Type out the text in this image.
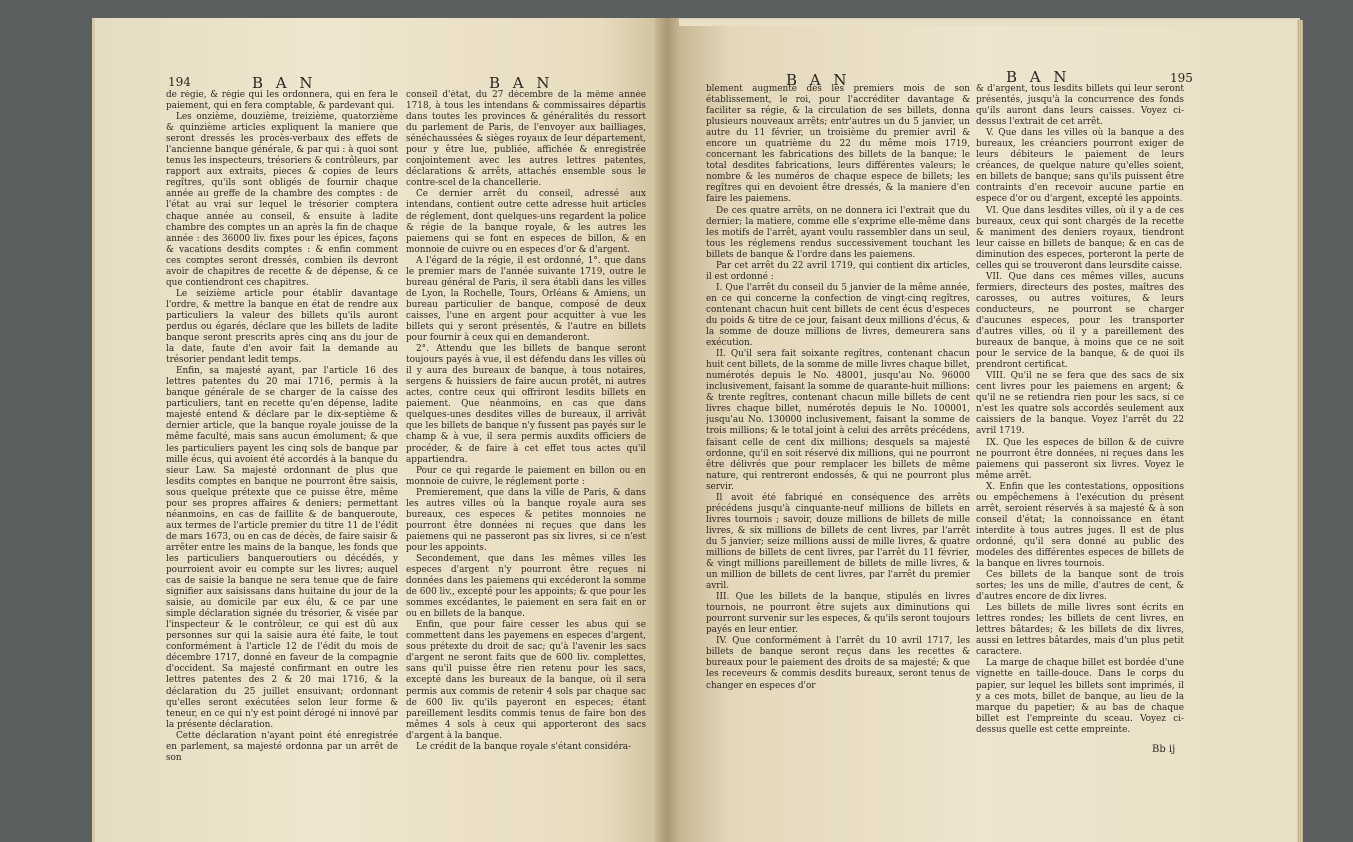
194	B A N	B A N

de régie, & régie qui les ordonnera, qui en fera le paiement, qui en fera comptable, & pardevant qui.

Les onzième, douzième, treizième, quatorzième & quinzième articles expliquent la maniere que seront dressés les procès-verbaux des effets de l'ancienne banque générale, & par qui : à quoi sont tenus les inspecteurs, trésoriers & contrôleurs, par rapport aux extraits, pieces & copies de leurs regîtres, qu'ils sont obligés de fournir chaque année au greffe de la chambre des comptes : de l'état au vrai sur lequel le trésorier comptera chaque année au conseil, & ensuite à ladite chambre des comptes un an après la fin de chaque année : des 36000 liv. fixes pour les épices, façons & vacations desdits comptes : & enfin comment ces comptes seront dressés, combien ils devront avoir de chapitres de recette & de dépense, & ce que contiendront ces chapitres.

Le seizième article pour établir davantage l'ordre, & mettre la banque en état de rendre aux particuliers la valeur des billets qu'ils auront perdus ou égarés, déclare que les billets de ladite banque seront prescrits après cinq ans du jour de la date, faute d'en avoir fait la demande au trésorier pendant ledit temps.

Enfin, sa majesté ayant, par l'article 16 des lettres patentes du 20 mai 1716, permis à la banque générale de se charger de la caisse des particuliers, tant en recette qu'en dépense, ladite majesté entend & déclare par le dix-septième & dernier article, que la banque royale jouisse de la même faculté, mais sans aucun émolument; & que les particuliers payent les cinq sols de banque par mille écus, qui avoient été accordés à la banque du sieur Law. Sa majesté ordonnant de plus que lesdits comptes en banque ne pourront être saisis, sous quelque prétexte que ce puisse être, même pour ses propres affaires & deniers; permettant néanmoins, en cas de faillite & de banqueroute, aux termes de l'article premier du titre 11 de l'édit de mars 1673, ou en cas de décès, de faire saisir & arrêter entre les mains de la banque, les fonds que les particuliers banqueroutiers ou décédés, y pourroient avoir eu compte sur les livres; auquel cas de saisie la banque ne sera tenue que de faire signifier aux saisissans dans huitaine du jour de la saisie, au domicile par eux élu, & ce par une simple déclaration signée du trésorier, & visée par l'inspecteur & le contrôleur, ce qui est dû aux personnes sur qui la saisie aura été faite, le tout conformément à l'article 12 de l'édit du mois de décembre 1717, donné en faveur de la compagnie d'occident. Sa majesté confirmant en outre les lettres patentes des 2 & 20 mai 1716, & la déclaration du 25 juillet ensuivant; ordonnant qu'elles seront exécutées selon leur forme & teneur, en ce qui n'y est point dérogé ni innové par la présente déclaration.

Cette déclaration n'ayant point été enregistrée en parlement, sa majesté ordonna par un arrêt de son

conseil d'état, du 27 décembre de la même année 1718, à tous les intendans & commissaires départis dans toutes les provinces & généralités du ressort du parlement de Paris, de l'envoyer aux bailliages, sénéchaussées & sièges royaux de leur département, pour y être lue, publiée, affichée & enregistrée conjointement avec les autres lettres patentes, déclarations & arrêts, attachés ensemble sous le contre-scel de la chancellerie.

Ce dernier arrêt du conseil, adressé aux intendans, contient outre cette adresse huit articles de réglement, dont quelques-uns regardent la police & régie de la banque royale, & les autres les paiemens qui se font en especes de billon, & en monnoie de cuivre ou en especes d'or & d'argent.

A l'égard de la régie, il est ordonné, 1°. que dans le premier mars de l'année suivante 1719, outre le bureau général de Paris, il sera établi dans les villes de Lyon, la Rochelle, Tours, Orléans & Amiens, un bureau particulier de banque, composé de deux caisses, l'une en argent pour acquitter à vue les billets qui y seront présentés, & l'autre en billets pour fournir à ceux qui en demanderont.

2°. Attendu que les billets de banque seront toujours payés à vue, il est défendu dans les villes où il y aura des bureaux de banque, à tous notaires, sergens & huissiers de faire aucun protêt, ni autres actes, contre ceux qui offriront lesdits billets en paiement. Que néanmoins, en cas que dans quelques-unes desdites villes de bureaux, il arrivât que les billets de banque n'y fussent pas payés sur le champ & à vue, il sera permis auxdits officiers de procéder, & de faire à cet effet tous actes qu'il appartiendra.

Pour ce qui regarde le paiement en billon ou en monnoie de cuivre, le réglement porte :

Premierement, que dans la ville de Paris, & dans les autres villes où la banque royale aura ses bureaux, ces especes & petites monnoies ne pourront être données ni reçues que dans les paiemens qui ne passeront pas six livres, si ce n'est pour les appoints.

Secondement, que dans les mêmes villes les especes d'argent n'y pourront être reçues ni données dans les paiemens qui excéderont la somme de 600 liv., excepté pour les appoints; & que pour les sommes excédantes, le paiement en sera fait en or ou en billets de la banque.

Enfin, que pour faire cesser les abus qui se commettent dans les payemens en especes d'argent, sous prétexte du droit de sac; qu'à l'avenir les sacs d'argent ne seront faits que de 600 liv. complettes, sans qu'il puisse être rien retenu pour les sacs, excepté dans les bureaux de la banque, où il sera permis aux commis de retenir 4 sols par chaque sac de 600 liv. qu'ils payeront en especes; étant pareillement lesdits commis tenus de faire bon des mêmes 4 sols à ceux qui apporteront des sacs d'argent à la banque.

Le crédit de la banque royale s'étant considéra-

B A N	B A N	195

blement augmenté dès les premiers mois de son établissement, le roi, pour l'accréditer davantage & faciliter sa régie, & la circulation de ses billets, donna plusieurs nouveaux arrêts; entr'autres un du 5 janvier, un autre du 11 février, un troisième du premier avril & encore un quatrième du 22 du même mois 1719, concernant les fabrications des billets de la banque; le total desdites fabrications, leurs différentes valeurs; le nombre & les numéros de chaque espece de billets; les regîtres qui en devoient être dressés, & la maniere d'en faire les paiemens.

De ces quatre arrêts, on ne donnera ici l'extrait que du dernier; la matiere, comme elle s'exprime elle-même dans les motifs de l'arrêt, ayant voulu rassembler dans un seul, tous les réglemens rendus successivement touchant les billets de banque & l'ordre dans les paiemens.

Par cet arrêt du 22 avril 1719, qui contient dix articles, il est ordonné :

I. Que l'arrêt du conseil du 5 janvier de la même année, en ce qui concerne la confection de vingt-cinq regîtres, contenant chacun huit cent billets de cent écus d'especes du poids & titre de ce jour, faisant deux millions d'écus, & la somme de douze millions de livres, demeurera sans exécution.

II. Qu'il sera fait soixante regîtres, contenant chacun huit cent billets, de la somme de mille livres chaque billet, numérotés depuis le No. 48001, jusqu'au No. 96000 inclusivement, faisant la somme de quarante-huit millions: & trente regîtres, contenant chacun mille billets de cent livres chaque billet, numérotés depuis le No. 100001, jusqu'au No. 130000 inclusivement, faisant la somme de trois millions; & le total joint à celui des arrêts précédens, faisant celle de cent dix millions; desquels sa majesté ordonne, qu'il en soit réservé dix millions, qui ne pourront être délivrés que pour remplacer les billets de même nature, qui rentreront endossés, & qui ne pourront plus servir.

Il avoit été fabriqué en conséquence des arrêts précédens jusqu'à cinquante-neuf millions de billets en livres tournois ; savoir, douze millions de billets de mille livres, & six millions de billets de cent livres, par l'arrêt du 5 janvier; seize millions aussi de mille livres, & quatre millions de billets de cent livres, par l'arrêt du 11 février, & vingt millions pareillement de billets de mille livres, & un million de billets de cent livres, par l'arrêt du premier avril.

III. Que les billets de la banque, stipulés en livres tournois, ne pourront être sujets aux diminutions qui pourront survenir sur les especes, & qu'ils seront toujours payés en leur entier.

IV. Que conformément à l'arrêt du 10 avril 1717, les billets de banque seront reçus dans les recettes & bureaux pour le paiement des droits de sa majesté; & que les receveurs & commis desdits bureaux, seront tenus de changer en especes d'or

& d'argent, tous lesdits billets qui leur seront présentés, jusqu'à la concurrence des fonds qu'ils auront dans leurs caisses. Voyez ci-dessus l'extrait de cet arrêt.

V. Que dans les villes où la banque a des bureaux, les créanciers pourront exiger de leurs débiteurs le paiement de leurs créances, de quelque nature qu'elles soient, en billets de banque; sans qu'ils puissent être contraints d'en recevoir aucune partie en espece d'or ou d'argent, excepté les appoints.

VI. Que dans lesdites villes, où il y a de ces bureaux, ceux qui sont chargés de la recette & maniment des deniers royaux, tiendront leur caisse en billets de banque; & en cas de diminution des especes, porteront la perte de celles qui se trouveront dans leursdite caisse.

VII. Que dans ces mêmes villes, aucuns fermiers, directeurs des postes, maîtres des carosses, ou autres voitures, & leurs conducteurs, ne pourront se charger d'aucunes especes, pour les transporter d'autres villes, où il y a pareillement des bureaux de banque, à moins que ce ne soit pour le service de la banque, & de quoi ils prendront certificat.

VIII. Qu'il ne se fera que des sacs de six cent livres pour les paiemens en argent; & qu'il ne se retiendra rien pour les sacs, si ce n'est les quatre sols accordés seulement aux caissiers de la banque. Voyez l'arrêt du 22 avril 1719.

IX. Que les especes de billon & de cuivre ne pourront être données, ni reçues dans les paiemens qui passeront six livres. Voyez le même arrêt.

X. Enfin que les contestations, oppositions ou empêchemens à l'exécution du présent arrêt, seroient réservés à sa majesté & à son conseil d'état; la connoissance en étant interdite à tous autres juges. Il est de plus ordonné, qu'il sera donné au public des modeles des différentes especes de billets de la banque en livres tournois.

Ces billets de la banque sont de trois sortes; les uns de mille, d'autres de cent, & d'autres encore de dix livres.

Les billets de mille livres sont écrits en lettres rondes; les billets de cent livres, en lettres bâtardes; & les billets de dix livres, aussi en lettres bâtardes, mais d'un plus petit caractere.

La marge de chaque billet est bordée d'une vignette en taille-douce. Dans le corps du papier, sur lequel les billets sont imprimés, il y a ces mots, billet de banque, au lieu de la marque du papetier; & au bas de chaque billet est l'empreinte du sceau. Voyez ci-dessus quelle est cette empreinte.

Bb ij
